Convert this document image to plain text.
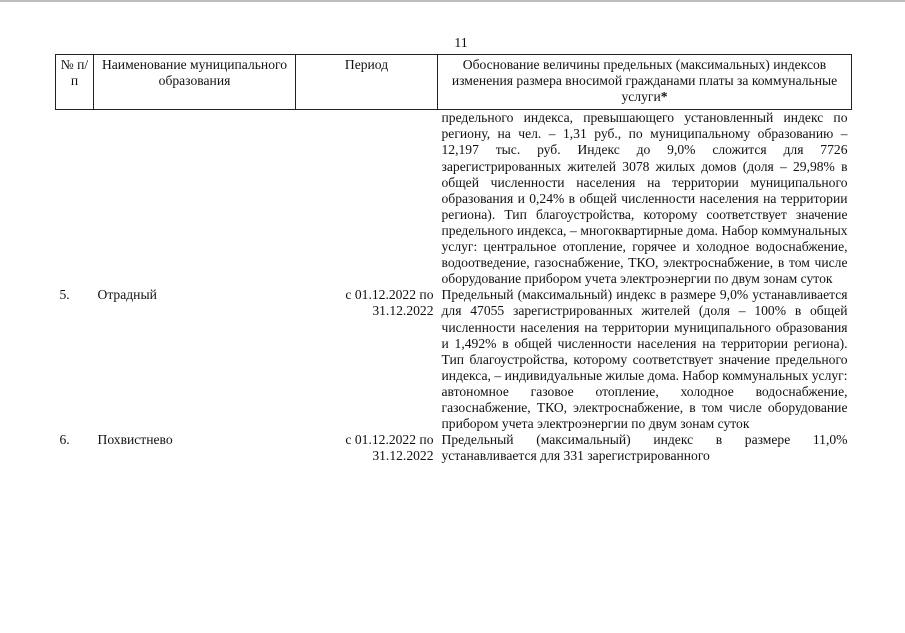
11
№ п/п	Наименование муниципального образования	Период	Обоснование величины предельных (максимальных) индексов изменения размера вносимой гражданами платы за коммунальные услуги*
			предельного индекса, превышающего установленный индекс по региону, на чел. – 1,31 руб., по муниципальному образованию – 12,197 тыс. руб. Индекс до 9,0% сложится для 7726 зарегистрированных жителей 3078 жилых домов (доля – 29,98% в общей численности населения на территории муниципального образования и 0,24% в общей численности населения на территории региона). Тип благоустройства, которому соответствует значение предельного индекса, – многоквартирные дома. Набор коммунальных услуг: центральное отопление, горячее и холодное водоснабжение, водоотведение, газоснабжение, ТКО, электроснабжение, в том числе оборудование прибором учета электроэнергии по двум зонам суток
5.	Отрадный	с 01.12.2022 по 31.12.2022	Предельный (максимальный) индекс в размере 9,0% устанавливается для 47055 зарегистрированных жителей (доля – 100% в общей численности населения на территории муниципального образования и 1,492% в общей численности населения на территории региона). Тип благоустройства, которому соответствует значение предельного индекса, – индивидуальные жилые дома. Набор коммунальных услуг: автономное газовое отопление, холодное водоснабжение, газоснабжение, ТКО, электроснабжение, в том числе оборудование прибором учета электроэнергии по двум зонам суток
6.	Похвистнево	с 01.12.2022 по 31.12.2022	Предельный (максимальный) индекс в размере 11,0% устанавливается для 331 зарегистрированного
